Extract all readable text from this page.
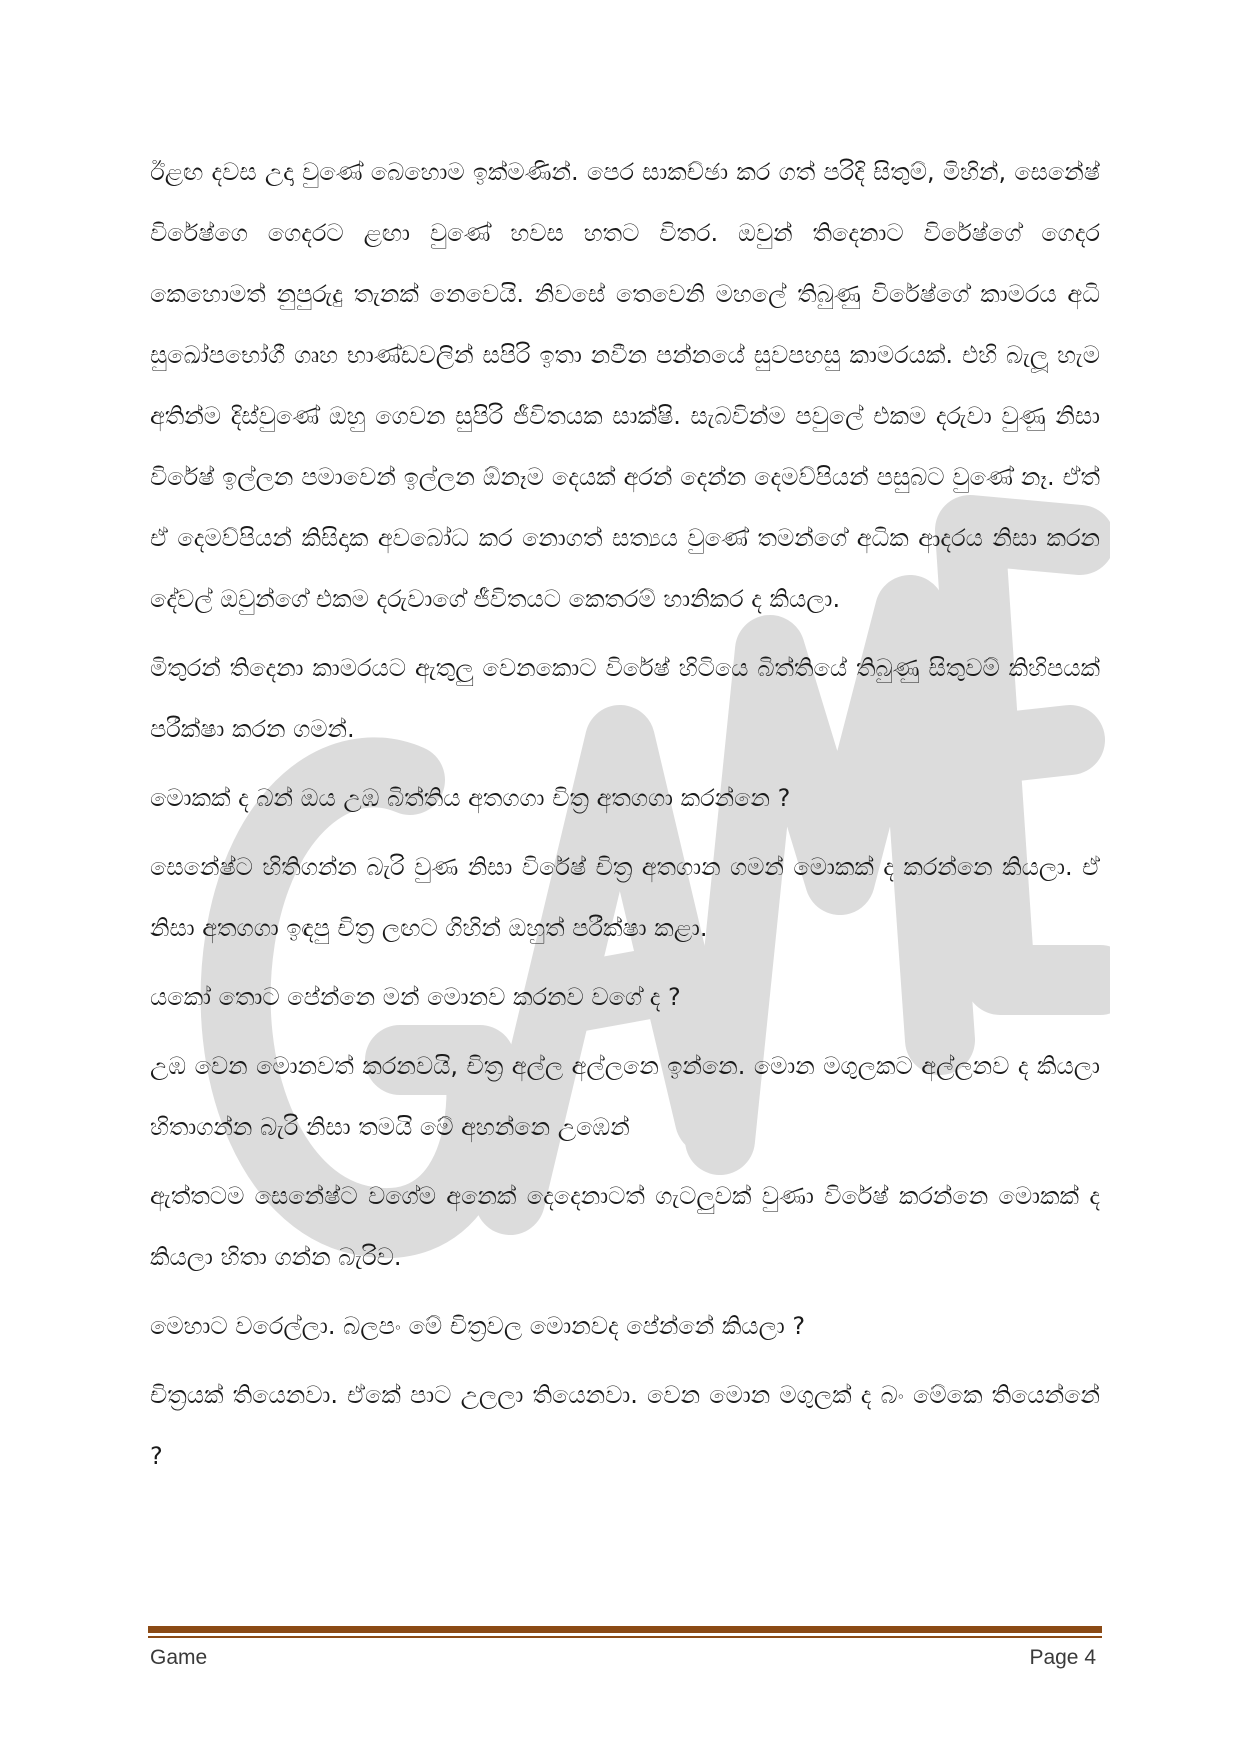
ඊළඟ දවස උදා වුණේ බෙහොම ඉක්මණින්. පෙර සාකච්ඡා කර ගත් පරිදි සිතුම්, මිහින්, සෙනේෂ් විරේෂ්ගෙ ගෙදරට ළඟා වුණේ හවස හතට විතර. ඔවුන් තිදෙනාට විරේෂ්ගේ ගෙදර කෙහොමත් නුපුරුදු තැනක් නෙවෙයි. නිවසේ තෙවෙනි මහලේ තිබුණු විරේෂ්ගේ කාමරය අධි සුඛෝපභෝගී ගෘහ භාණ්ඩවලින් සපිරි ඉතා නවීන පන්නයේ සුවපහසු කාමරයක්. එහි බැලූ හැම අතින්ම දිස්වුණේ ඔහු ගෙවන සුපිරි ජීවිතයක සාක්ෂි. සැබවින්ම පවුලේ එකම දරුවා වුණු නිසා විරේෂ් ඉල්ලන පමාවෙන් ඉල්ලන ඕනෑම දෙයක් අරන් දෙන්න දෙමව්පියන් පසුබට වුණේ නෑ. ඒත් ඒ දෙමව්පියන් කිසිදාක අවබෝධ කර නොගත් සත්‍යය වුණේ තමන්ගේ අධික ආදරය නිසා කරන දේවල් ඔවුන්ගේ එකම දරුවාගේ ජීවිතයට කෙතරම් හානිකර ද කියලා.

මිතුරන් තිදෙනා කාමරයට ඇතුලු වෙනකොට විරේෂ් හිටියෙ බිත්තියේ තිබුණු සිතුවම් කිහිපයක් පරීක්ෂා කරන ගමන්.

මොකක් ද බන් ඔය උඹ බිත්තිය අතගගා චිත්‍ර අතගගා කරන්නෙ ?

සෙනේෂ්ට හිතිගන්න බැරි වුණ නිසා විරේෂ් චිත්‍ර අතගාන ගමන් මොකක් ද කරන්නෙ කියලා. ඒ නිසා අතගගා ඉඳපු චිත්‍ර ලඟට ගිහින් ඔහුත් පරීක්ෂා කළා.

යකෝ තොට පේන්නෙ මන් මොනව කරනව වගේ ද ?

උඹ වෙන මොනවත් කරනවයි, චිත්‍ර අල්ල අල්ලනෙ ඉන්නෙ. මොන මගුලකට අල්ලනව ද කියලා හිතාගන්න බැරි නිසා තමයි මේ අහන්නෙ උඹෙන්

ඇත්තටම සෙනේෂ්ට වගේම අනෙක් දෙදෙනාටත් ගැටලුවක් වුණා විරේෂ් කරන්නෙ මොකක් ද කියලා හිතා ගන්න බැරිව.

මෙහාට වරෙල්ලා. බලපං මේ චිත්‍රවල මොනවද පේන්නේ කියලා ?

චිත්‍රයක් තියෙනවා. ඒකේ පාට උලලා තියෙනවා. වෙන මොන මගුලක් ද බං මේකෙ තියෙන්නේ ?

Game	Page 4
